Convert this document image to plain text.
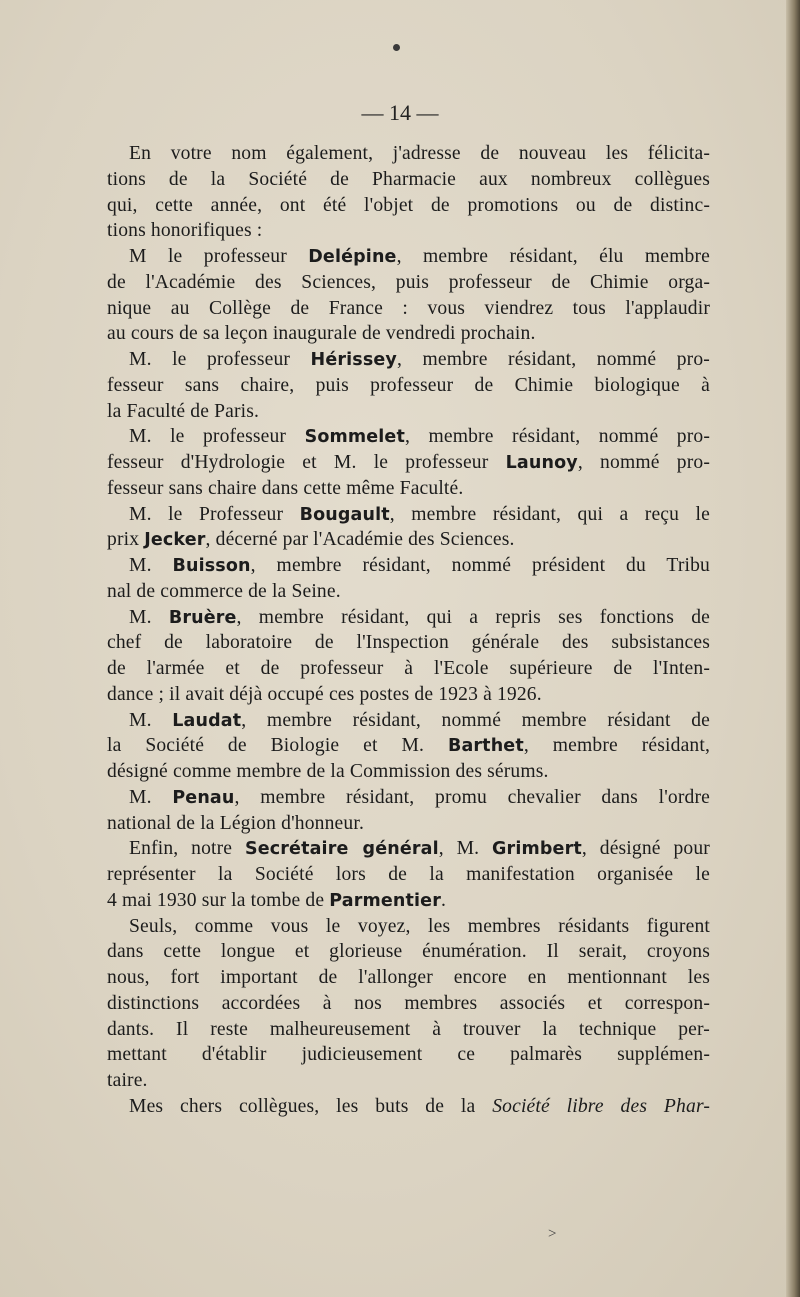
— 14 —
En votre nom également, j'adresse de nouveau les félicita-
tions de la Société de Pharmacie aux nombreux collègues
qui, cette année, ont été l'objet de promotions ou de distinc-
tions honorifiques :
M le professeur Delépine, membre résidant, élu membre
de l'Académie des Sciences, puis professeur de Chimie orga-
nique au Collège de France : vous viendrez tous l'applaudir
au cours de sa leçon inaugurale de vendredi prochain.
M. le professeur Hérissey, membre résidant, nommé pro-
fesseur sans chaire, puis professeur de Chimie biologique à
la Faculté de Paris.
M. le professeur Sommelet, membre résidant, nommé pro-
fesseur d'Hydrologie et M. le professeur Launoy, nommé pro-
fesseur sans chaire dans cette même Faculté.
M. le Professeur Bougault, membre résidant, qui a reçu le
prix Jecker, décerné par l'Académie des Sciences.
M. Buisson, membre résidant, nommé président du Tribu
nal de commerce de la Seine.
M. Bruère, membre résidant, qui a repris ses fonctions de
chef de laboratoire de l'Inspection générale des subsistances
de l'armée et de professeur à l'Ecole supérieure de l'Inten-
dance ; il avait déjà occupé ces postes de 1923 à 1926.
M. Laudat, membre résidant, nommé membre résidant de
la Société de Biologie et M. Barthet, membre résidant,
désigné comme membre de la Commission des sérums.
M. Penau, membre résidant, promu chevalier dans l'ordre
national de la Légion d'honneur.
Enfin, notre Secrétaire général, M. Grimbert, désigné pour
représenter la Société lors de la manifestation organisée le
4 mai 1930 sur la tombe de Parmentier.
Seuls, comme vous le voyez, les membres résidants figurent
dans cette longue et glorieuse énumération. Il serait, croyons
nous, fort important de l'allonger encore en mentionnant les
distinctions accordées à nos membres associés et correspon-
dants. Il reste malheureusement à trouver la technique per-
mettant d'établir judicieusement ce palmarès supplémen-
taire.
Mes chers collègues, les buts de la Société libre des Phar-
>
